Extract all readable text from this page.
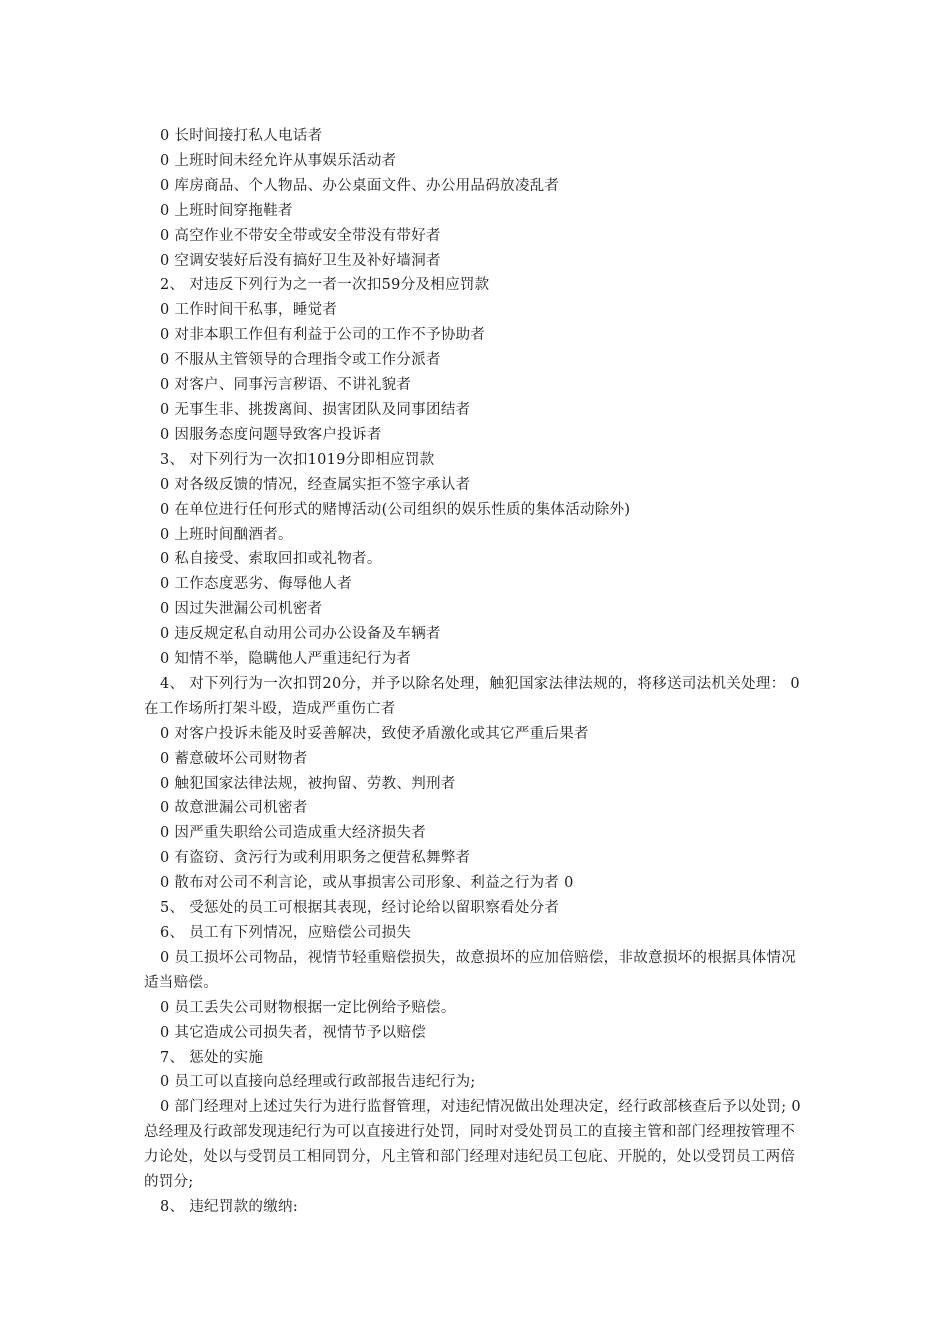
0 长时间接打私人电话者

0 上班时间未经允许从事娱乐活动者

0 库房商品、个人物品、办公桌面文件、办公用品码放凌乱者

0 上班时间穿拖鞋者

0 高空作业不带安全带或安全带没有带好者

0 空调安装好后没有搞好卫生及补好墙洞者

2、 对违反下列行为之一者一次扣59分及相应罚款

0 工作时间干私事，睡觉者

0 对非本职工作但有利益于公司的工作不予协助者

0 不服从主管领导的合理指令或工作分派者

0 对客户、同事污言秽语、不讲礼貌者

0 无事生非、挑拨离间、损害团队及同事团结者

0 因服务态度问题导致客户投诉者

3、 对下列行为一次扣1019分即相应罚款

0 对各级反馈的情况，经查属实拒不签字承认者

0 在单位进行任何形式的赌博活动(公司组织的娱乐性质的集体活动除外)

0 上班时间酗酒者。

0 私自接受、索取回扣或礼物者。

0 工作态度恶劣、侮辱他人者

0 因过失泄漏公司机密者

0 违反规定私自动用公司办公设备及车辆者

0 知情不举，隐瞒他人严重违纪行为者

4、 对下列行为一次扣罚20分，并予以除名处理，触犯国家法律法规的，将移送司法机关处理： 0 在工作场所打架斗殴，造成严重伤亡者

0 对客户投诉未能及时妥善解决，致使矛盾激化或其它严重后果者

0 蓄意破坏公司财物者

0 触犯国家法律法规，被拘留、劳教、判刑者

0 故意泄漏公司机密者

0 因严重失职给公司造成重大经济损失者

0 有盗窃、贪污行为或利用职务之便营私舞弊者

0 散布对公司不利言论，或从事损害公司形象、利益之行为者 0

5、 受惩处的员工可根据其表现，经讨论给以留职察看处分者

6、 员工有下列情况，应赔偿公司损失

0 员工损坏公司物品，视情节轻重赔偿损失，故意损坏的应加倍赔偿，非故意损坏的根据具体情况适当赔偿。

0 员工丢失公司财物根据一定比例给予赔偿。

0 其它造成公司损失者，视情节予以赔偿

7、 惩处的实施

0 员工可以直接向总经理或行政部报告违纪行为;

0 部门经理对上述过失行为进行监督管理，对违纪情况做出处理决定，经行政部核查后予以处罚; 0 总经理及行政部发现违纪行为可以直接进行处罚，同时对受处罚员工的直接主管和部门经理按管理不力论处，处以与受罚员工相同罚分，凡主管和部门经理对违纪员工包庇、开脱的，处以受罚员工两倍的罚分;

8、 违纪罚款的缴纳:
